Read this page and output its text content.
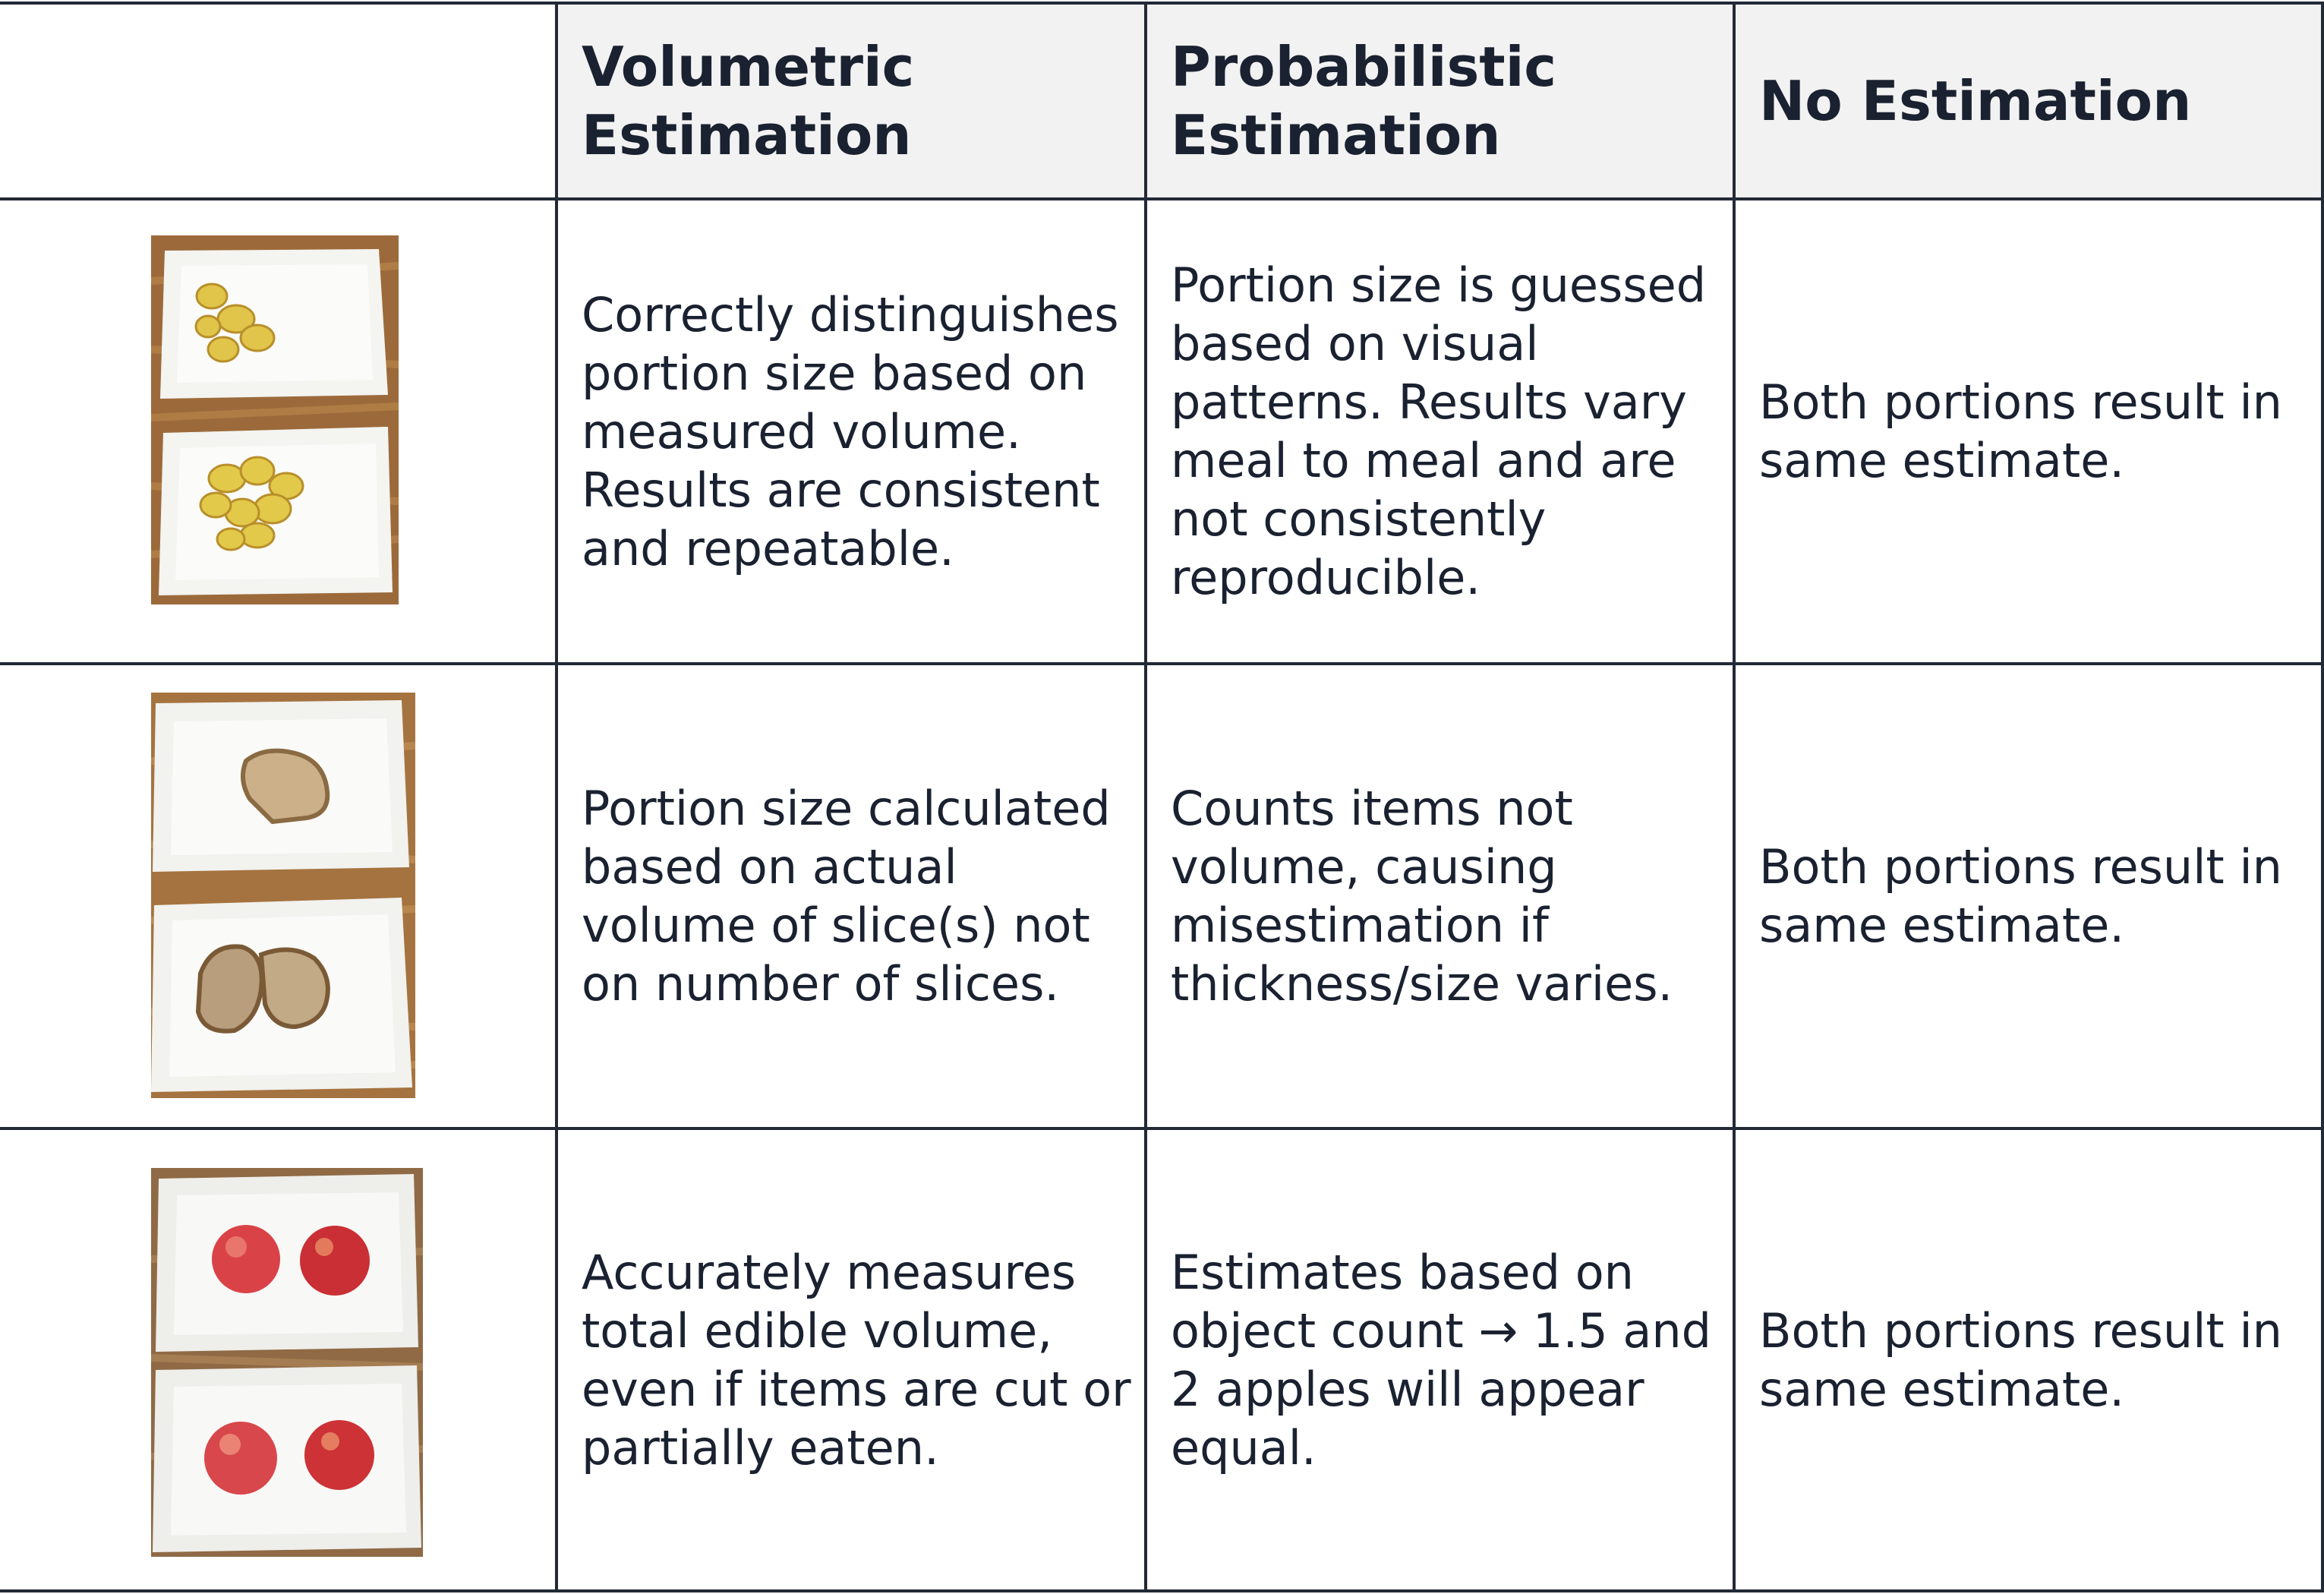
Volumetric Estimation
Probabilistic Estimation
No Estimation
Correctly distinguishes portion size based on measured volume. Results are consistent and repeatable.
Portion size is guessed based on visual patterns. Results vary meal to meal and are not consistently reproducible.
Both portions result in same estimate.
Portion size calculated based on actual volume of slice(s) not on number of slices.
Counts items not volume, causing misestimation if thickness/size varies.
Both portions result in same estimate.
Accurately measures total edible volume, even if items are cut or partially eaten.
Estimates based on object count → 1.5 and 2 apples will appear equal.
Both portions result in same estimate.
